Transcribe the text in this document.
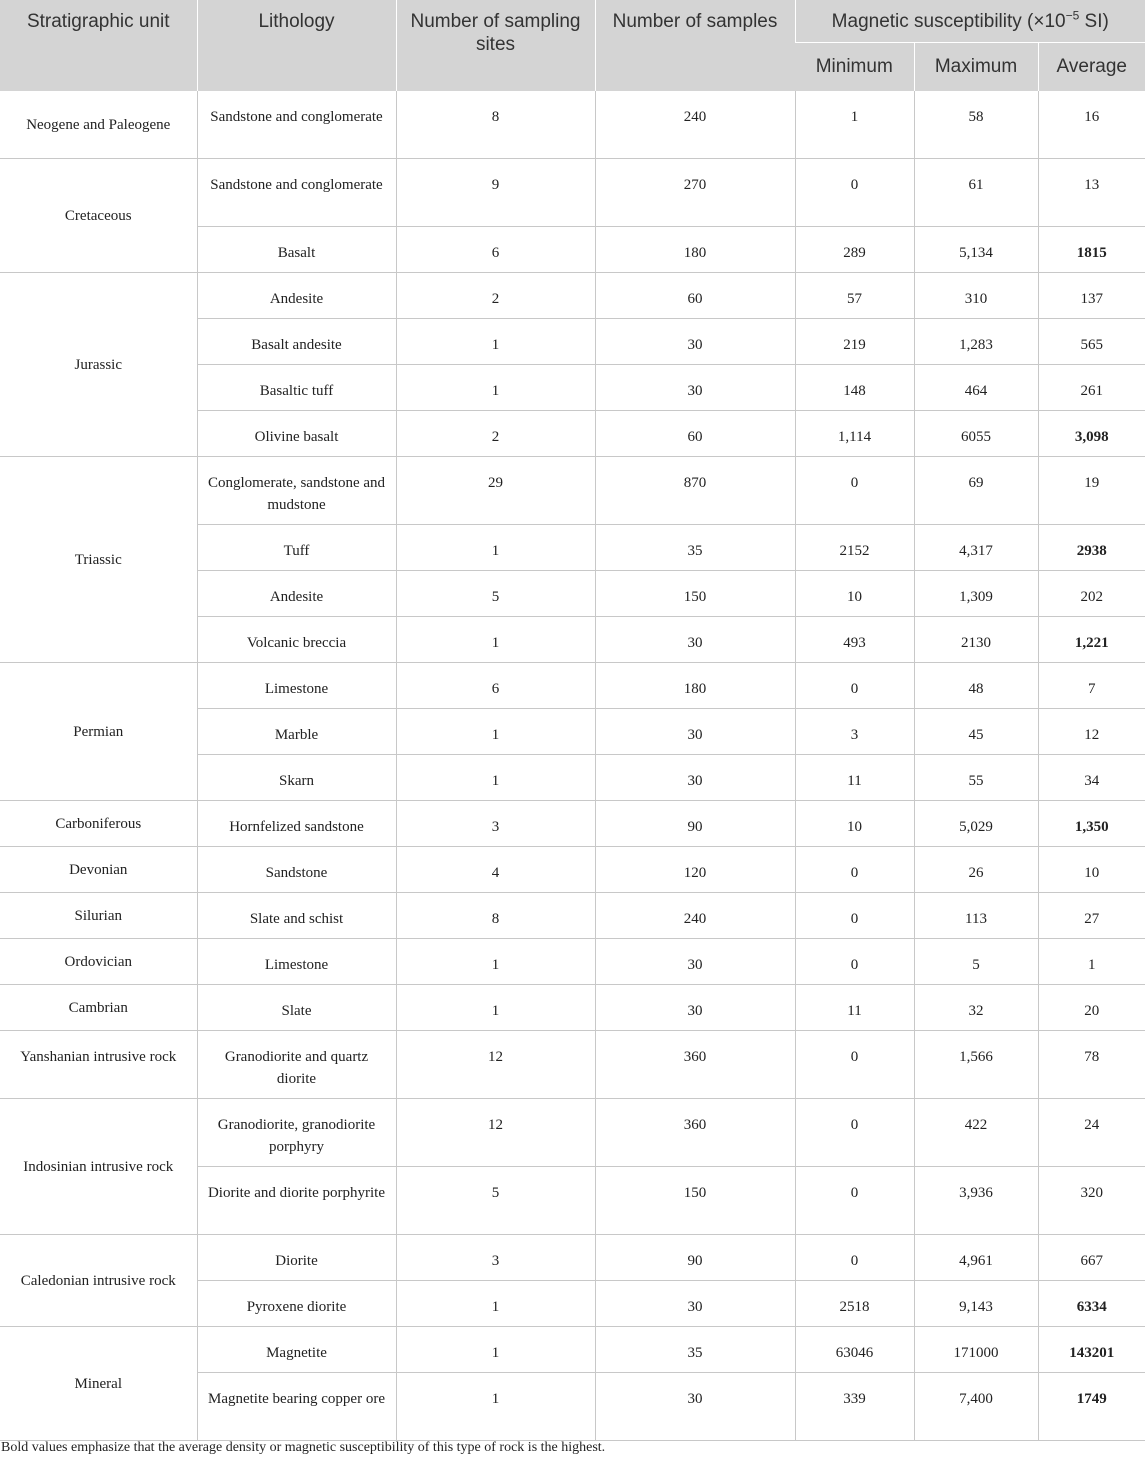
Stratigraphic unit	Lithology	Number of sampling sites	Number of samples	Magnetic susceptibility ($\times 10^{-5}$ SI)		
				Minimum	Maximum	Average
Neogene and Paleogene	Sandstone and conglomerate	8	240	1	58	16
Cretaceous	Sandstone and conglomerate	9	270	0	61	13
	Basalt	6	180	289	5,134	1815
Jurassic	Andesite	2	60	57	310	137
	Basalt andesite	1	30	219	1,283	565
	Basaltic tuff	1	30	148	464	261
	Olivine basalt	2	60	1,114	6055	3,098
Triassic	Conglomerate, sandstone and mudstone	29	870	0	69	19
	Tuff	1	35	2152	4,317	2938
	Andesite	5	150	10	1,309	202
	Volcanic breccia	1	30	493	2130	1,221
Permian	Limestone	6	180	0	48	7
	Marble	1	30	3	45	12
	Skarn	1	30	11	55	34
Carboniferous	Hornfelized sandstone	3	90	10	5,029	1,350
Devonian	Sandstone	4	120	0	26	10
Silurian	Slate and schist	8	240	0	113	27
Ordovician	Limestone	1	30	0	5	1
Cambrian	Slate	1	30	11	32	20
Yanshanian intrusive rock	Granodiorite and quartz diorite	12	360	0	1,566	78
Indosinian intrusive rock	Granodiorite, granodiorite porphyry	12	360	0	422	24
	Diorite and diorite porphyrite	5	150	0	3,936	320
Caledonian intrusive rock	Diorite	3	90	0	4,961	667
	Pyroxene diorite	1	30	2518	9,143	6334
Mineral	Magnetite	1	35	63046	171000	143201
	Magnetite bearing copper ore	1	30	339	7,400	1749
Bold values emphasize that the average density or magnetic susceptibility of this type of rock is the highest.
